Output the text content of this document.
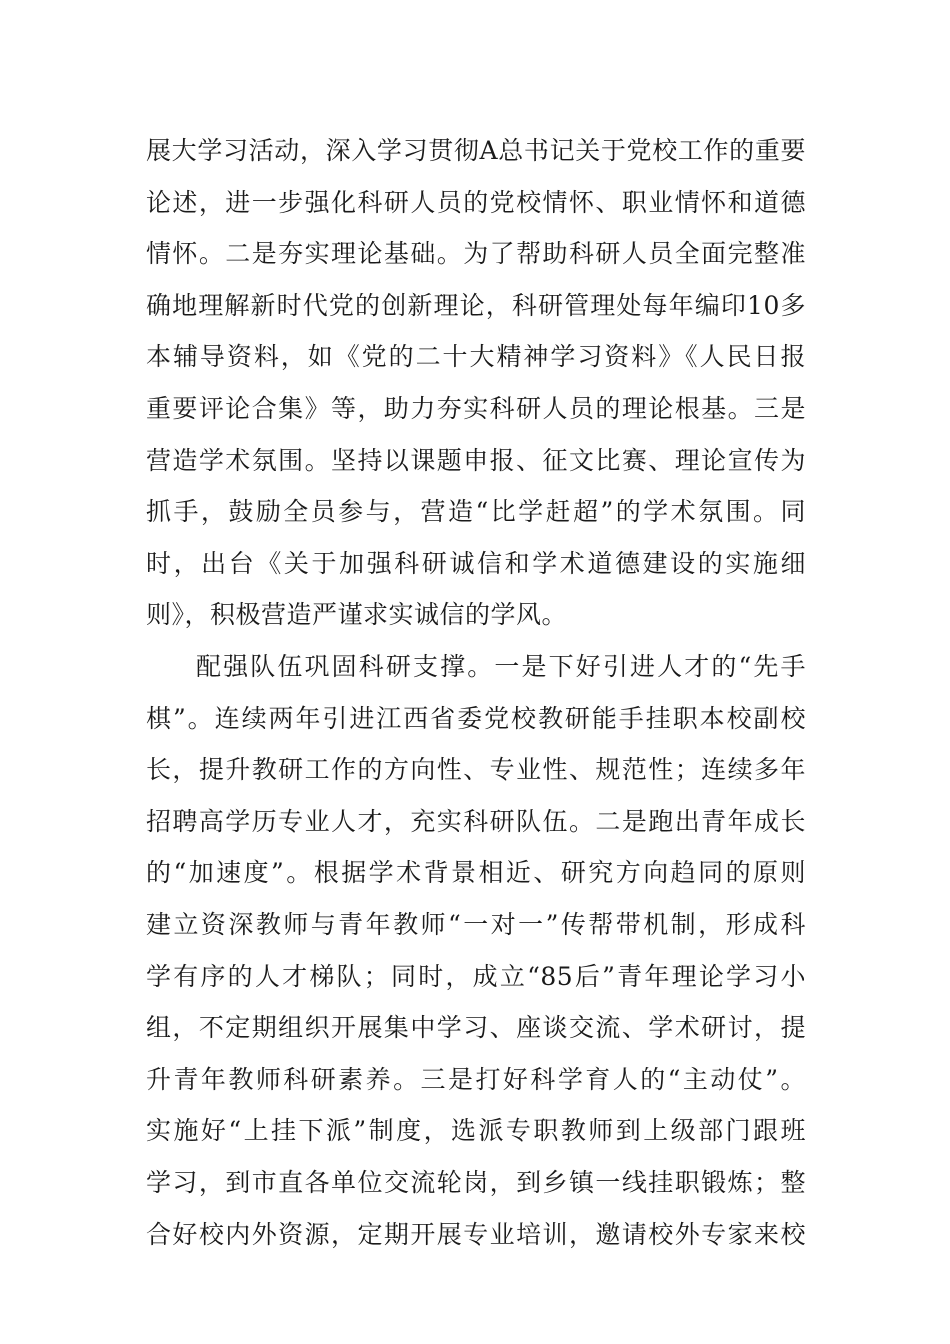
展大学习活动，深入学习贯彻A总书记关于党校工作的重要
论述，进一步强化科研人员的党校情怀、职业情怀和道德
情怀。二是夯实理论基础。为了帮助科研人员全面完整准
确地理解新时代党的创新理论，科研管理处每年编印10多
本辅导资料，如《党的二十大精神学习资料》《人民日报
重要评论合集》等，助力夯实科研人员的理论根基。三是
营造学术氛围。坚持以课题申报、征文比赛、理论宣传为
抓手，鼓励全员参与，营造“比学赶超”的学术氛围。同
时，出台《关于加强科研诚信和学术道德建设的实施细
则》，积极营造严谨求实诚信的学风。
配强队伍巩固科研支撑。一是下好引进人才的“先手
棋”。连续两年引进江西省委党校教研能手挂职本校副校
长，提升教研工作的方向性、专业性、规范性；连续多年
招聘高学历专业人才，充实科研队伍。二是跑出青年成长
的“加速度”。根据学术背景相近、研究方向趋同的原则
建立资深教师与青年教师“一对一”传帮带机制，形成科
学有序的人才梯队；同时，成立“85后”青年理论学习小
组，不定期组织开展集中学习、座谈交流、学术研讨，提
升青年教师科研素养。三是打好科学育人的“主动仗”。
实施好“上挂下派”制度，选派专职教师到上级部门跟班
学习，到市直各单位交流轮岗，到乡镇一线挂职锻炼；整
合好校内外资源，定期开展专业培训，邀请校外专家来校
